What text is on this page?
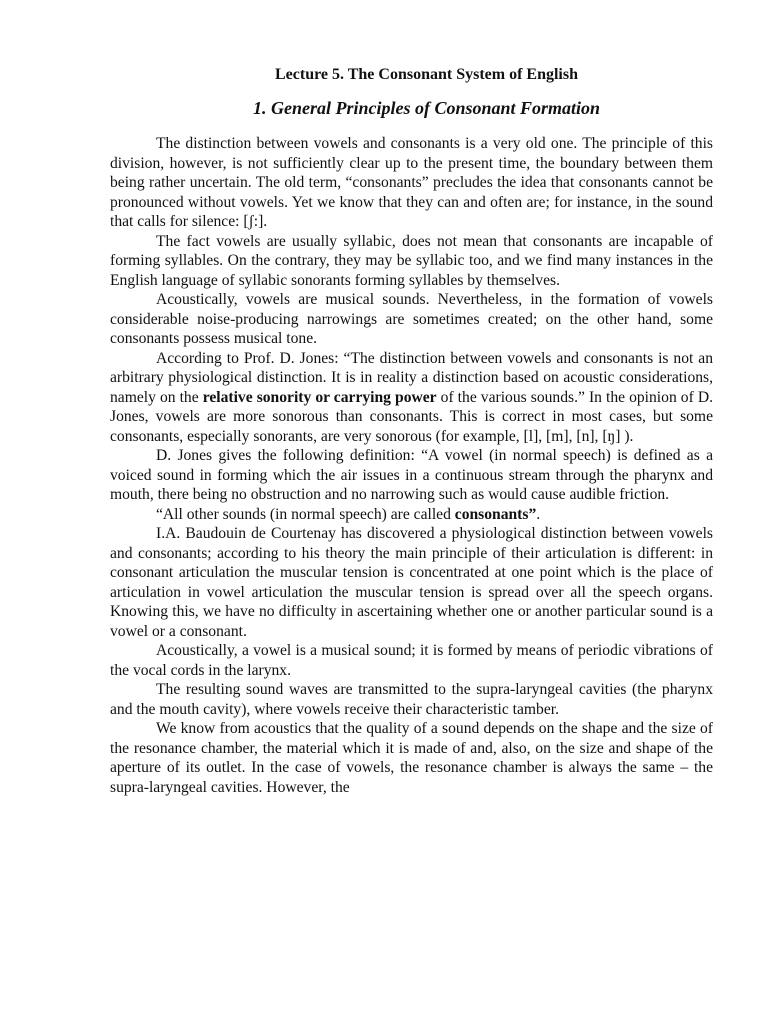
Lecture 5. The Consonant System of English
1. General Principles of Consonant Formation

The distinction between vowels and consonants is a very old one. The principle of this division, however, is not sufficiently clear up to the present time, the boundary between them being rather uncertain. The old term, “consonants” precludes the idea that consonants cannot be pronounced without vowels. Yet we know that they can and often are; for instance, in the sound that calls for silence: [ʃ:].

The fact vowels are usually syllabic, does not mean that consonants are incapable of forming syllables. On the contrary, they may be syllabic too, and we find many instances in the English language of syllabic sonorants forming syllables by themselves.

Acoustically, vowels are musical sounds. Nevertheless, in the formation of vowels considerable noise-producing narrowings are sometimes created; on the other hand, some consonants possess musical tone.

According to Prof. D. Jones: “The distinction between vowels and consonants is not an arbitrary physiological distinction. It is in reality a distinction based on acoustic considerations, namely on the relative sonority or carrying power of the various sounds.” In the opinion of D. Jones, vowels are more sonorous than consonants. This is correct in most cases, but some consonants, especially sonorants, are very sonorous (for example, [l], [m], [n], [ŋ] ).

D. Jones gives the following definition: “A vowel (in normal speech) is defined as a voiced sound in forming which the air issues in a continuous stream through the pharynx and mouth, there being no obstruction and no narrowing such as would cause audible friction.

“All other sounds (in normal speech) are called consonants”.

I.A. Baudouin de Courtenay has discovered a physiological distinction between vowels and consonants; according to his theory the main principle of their articulation is different: in consonant articulation the muscular tension is concentrated at one point which is the place of articulation in vowel articulation the muscular tension is spread over all the speech organs. Knowing this, we have no difficulty in ascertaining whether one or another particular sound is a vowel or a consonant.

Acoustically, a vowel is a musical sound; it is formed by means of periodic vibrations of the vocal cords in the larynx.

The resulting sound waves are transmitted to the supra-laryngeal cavities (the pharynx and the mouth cavity), where vowels receive their characteristic tamber.

We know from acoustics that the quality of a sound depends on the shape and the size of the resonance chamber, the material which it is made of and, also, on the size and shape of the aperture of its outlet. In the case of vowels, the resonance chamber is always the same – the supra-laryngeal cavities. However, the
